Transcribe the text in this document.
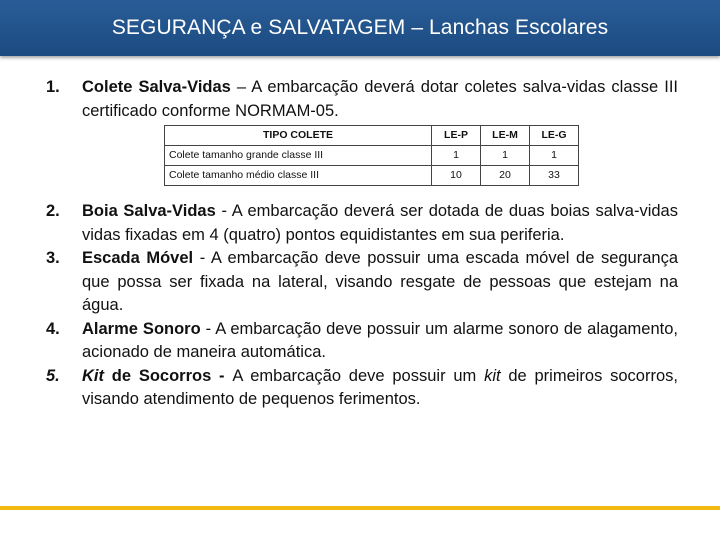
SEGURANÇA e SALVATAGEM – Lanchas Escolares
1. Colete Salva-Vidas – A embarcação deverá dotar coletes salva-vidas classe III certificado conforme NORMAM-05.
TIPO COLETE	LE-P	LE-M	LE-G
Colete tamanho grande classe III	1	1	1
Colete tamanho médio classe III	10	20	33
2. Boia Salva-Vidas - A embarcação deverá ser dotada de duas boias salva-vidas vidas fixadas em 4 (quatro) pontos equidistantes em sua periferia.
3. Escada Móvel - A embarcação deve possuir uma escada móvel de segurança que possa ser fixada na lateral, visando resgate de pessoas que estejam na água.
4. Alarme Sonoro - A embarcação deve possuir um alarme sonoro de alagamento, acionado de maneira automática.
5. Kit de Socorros - A embarcação deve possuir um kit de primeiros socorros, visando atendimento de pequenos ferimentos.
